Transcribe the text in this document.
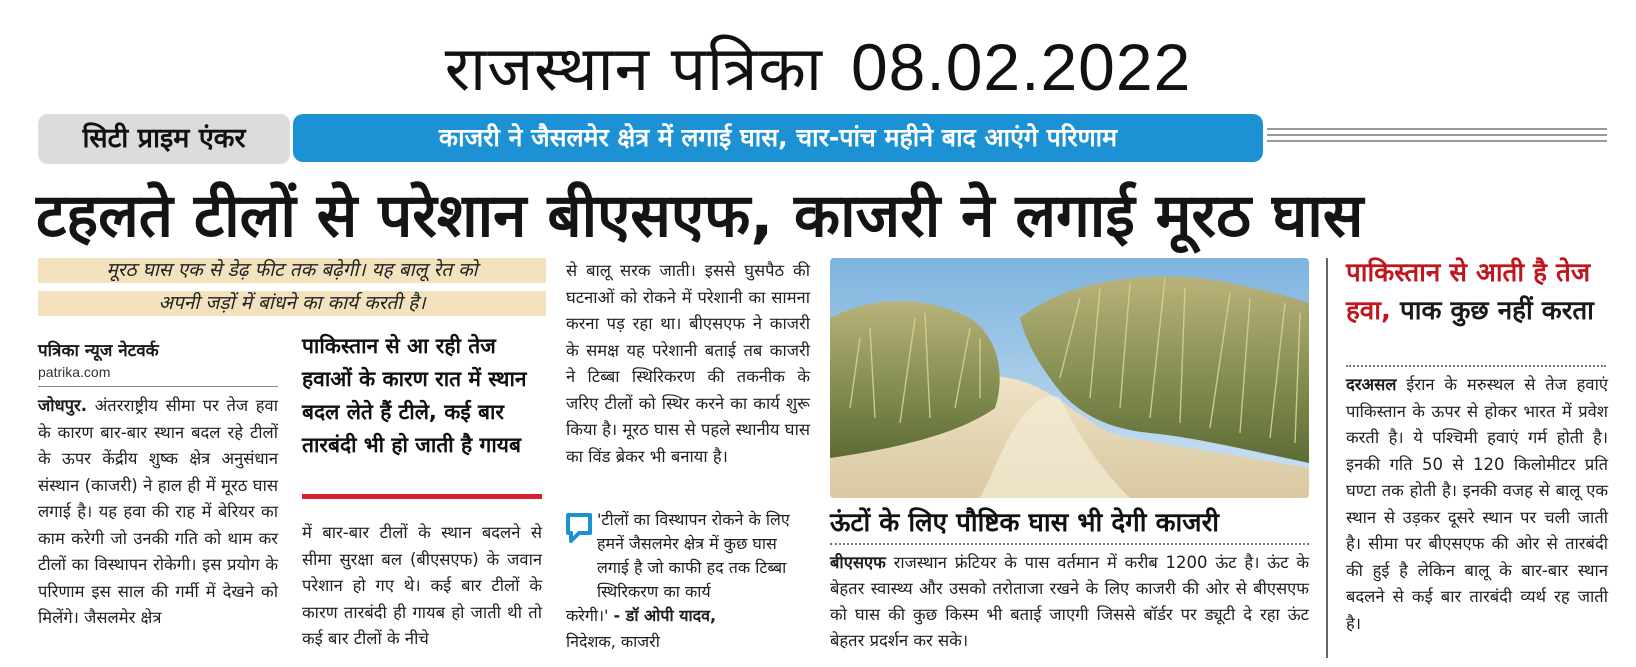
राजस्थान पत्रिका 08.02.2022
सिटी प्राइम एंकर	काजरी ने जैसलमेर क्षेत्र में लगाई घास, चार-पांच महीने बाद आएंगे परिणाम
टहलते टीलों से परेशान बीएसएफ, काजरी ने लगाई मूरठ घास
मूरठ घास एक से डेढ़ फीट तक बढ़ेगी। यह बालू रेत को
अपनी जड़ों में बांधने का कार्य करती है।
पत्रिका न्यूज नेटवर्क
patrika.com
जोधपुर. अंतरराष्ट्रीय सीमा पर तेज हवा के कारण बार-बार स्थान बदल रहे टीलों के ऊपर केंद्रीय शुष्क क्षेत्र अनुसंधान संस्थान (काजरी) ने हाल ही में मूरठ घास लगाई है। यह हवा की राह में बेरियर का काम करेगी जो उनकी गति को थाम कर टीलों का विस्थापन रोकेगी। इस प्रयोग के परिणाम इस साल की गर्मी में देखने को मिलेंगे। जैसलमेर क्षेत्र
पाकिस्तान से आ रही तेज हवाओं के कारण रात में स्थान बदल लेते हैं टीले, कई बार तारबंदी भी हो जाती है गायब
में बार-बार टीलों के स्थान बदलने से सीमा सुरक्षा बल (बीएसएफ) के जवान परेशान हो गए थे। कई बार टीलों के कारण तारबंदी ही गायब हो जाती थी तो कई बार टीलों के नीचे
से बालू सरक जाती। इससे घुसपैठ की घटनाओं को रोकने में परेशानी का सामना करना पड़ रहा था। बीएसएफ ने काजरी के समक्ष यह परेशानी बताई तब काजरी ने टिब्बा स्थिरिकरण की तकनीक के जरिए टीलों को स्थिर करने का कार्य शुरू किया है। मूरठ घास से पहले स्थानीय घास का विंड ब्रेकर भी बनाया है।
'टीलों का विस्थापन रोकने के लिए हमनें जैसलमेर क्षेत्र में कुछ घास लगाई है जो काफी हद तक टिब्बा स्थिरिकरण का कार्य
करेगी।' - डॉ ओपी यादव,
निदेशक, काजरी
ऊंटों के लिए पौष्टिक घास भी देगी काजरी
बीएसएफ राजस्थान फ्रंटियर के पास वर्तमान में करीब 1200 ऊंट है। ऊंट के बेहतर स्वास्थ्य और उसको तरोताजा रखने के लिए काजरी की ओर से बीएसएफ को घास की कुछ किस्म भी बताई जाएगी जिससे बॉर्डर पर ड्यूटी दे रहा ऊंट बेहतर प्रदर्शन कर सके।
पाकिस्तान से आती है तेज हवा, पाक कुछ नहीं करता
दरअसल ईरान के मरुस्थल से तेज हवाएं पाकिस्तान के ऊपर से होकर भारत में प्रवेश करती है। ये पश्चिमी हवाएं गर्म होती है। इनकी गति 50 से 120 किलोमीटर प्रति घण्टा तक होती है। इनकी वजह से बालू एक स्थान से उड़कर दूसरे स्थान पर चली जाती है। सीमा पर बीएसएफ की ओर से तारबंदी की हुई है लेकिन बालू के बार-बार स्थान बदलने से कई बार तारबंदी व्यर्थ रह जाती है।
